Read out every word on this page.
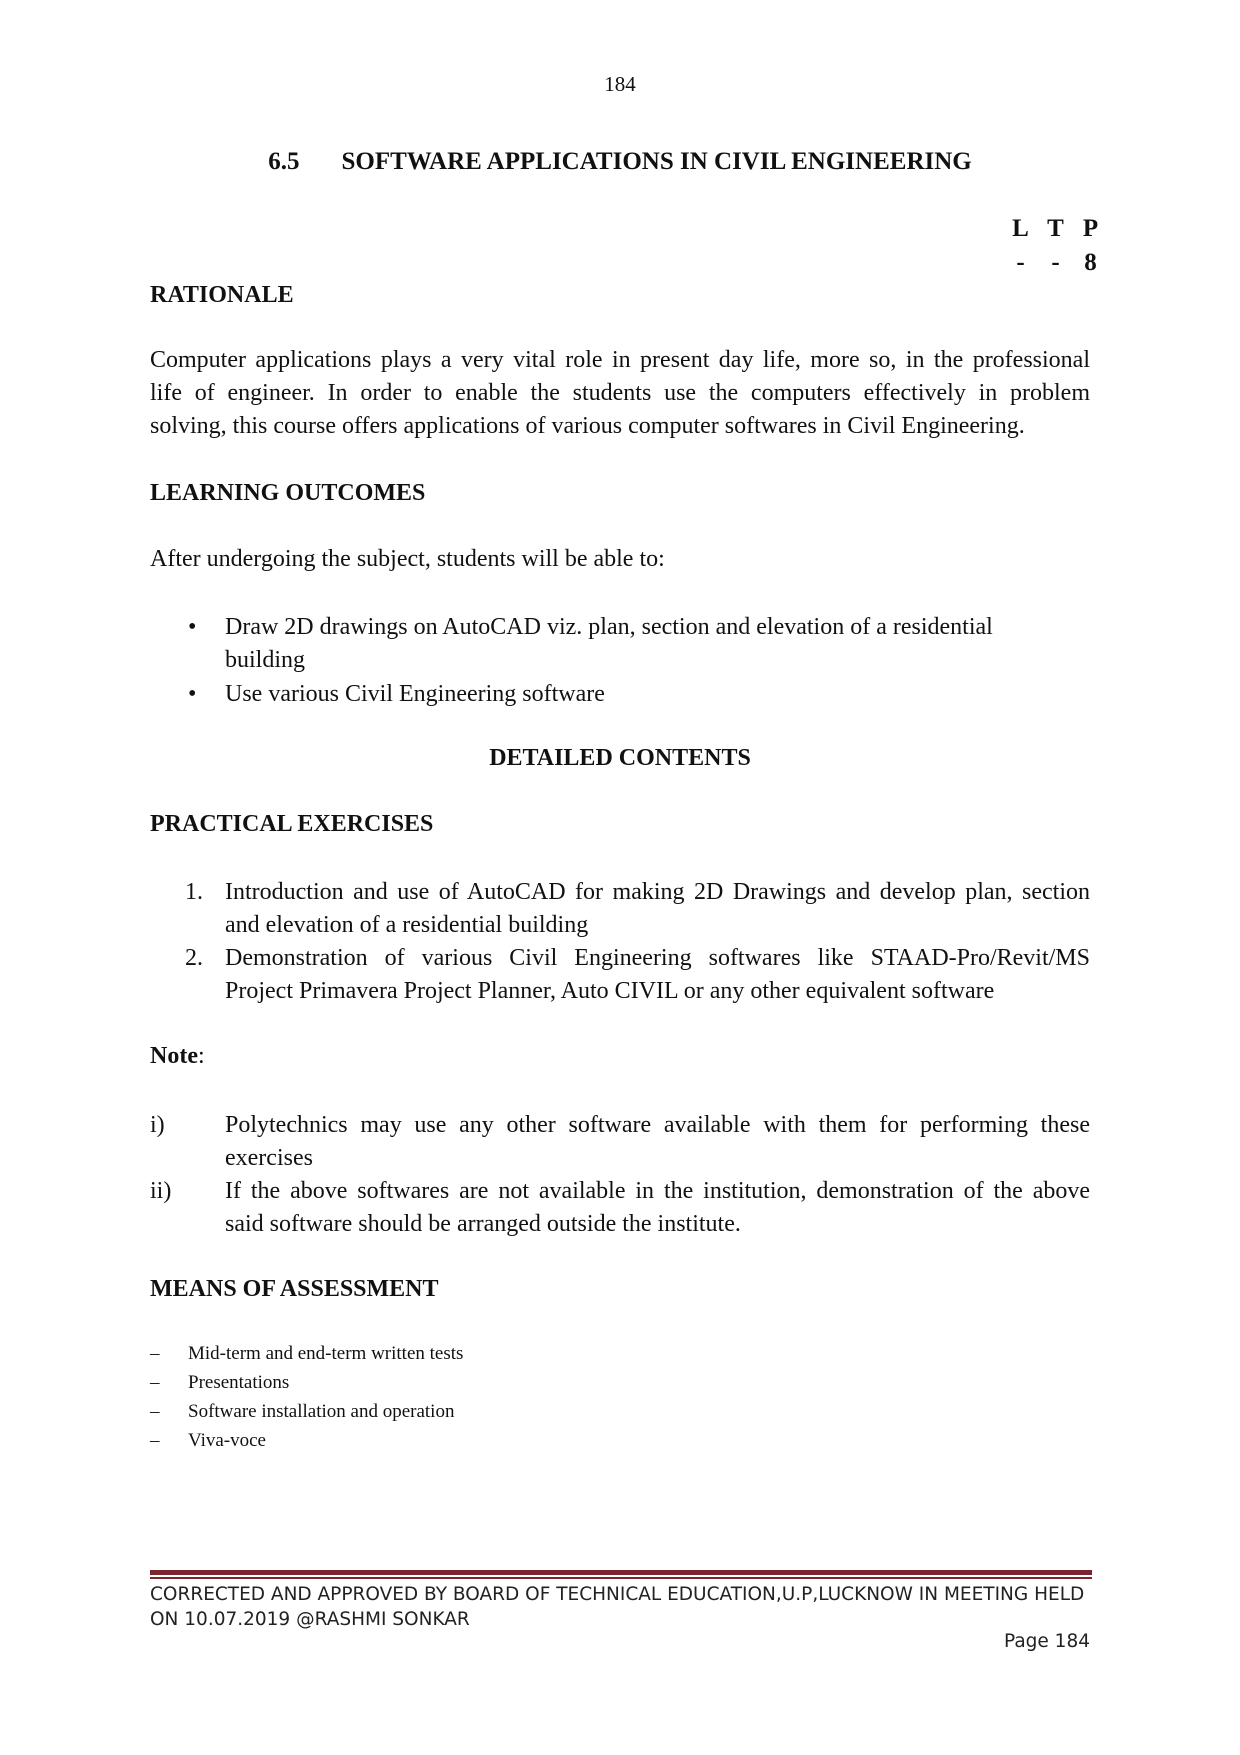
184
6.5 SOFTWARE APPLICATIONS IN CIVIL ENGINEERING
L T P
-	- 8
RATIONALE
Computer applications plays a very vital role in present day life, more so, in the professional
life of engineer. In order to enable the students use the computers effectively in problem
solving, this course offers applications of various computer softwares in Civil Engineering.
LEARNING OUTCOMES
After undergoing the subject, students will be able to:
• Draw 2D drawings on AutoCAD viz. plan, section and elevation of a residential
building
• Use various Civil Engineering software
DETAILED CONTENTS
PRACTICAL EXERCISES
1. Introduction and use of AutoCAD for making 2D Drawings and develop plan, section
and elevation of a residential building
2. Demonstration of various Civil Engineering softwares like STAAD-Pro/Revit/MS
Project Primavera Project Planner, Auto CIVIL or any other equivalent software
Note:
i)	Polytechnics may use any other software available with them for performing these
exercises
ii) If the above softwares are not available in the institution, demonstration of the above
said software should be arranged outside the institute.
MEANS OF ASSESSMENT
– Mid-term and end-term written tests
– Presentations
– Software installation and operation
– Viva-voce
CORRECTED AND APPROVED BY BOARD OF TECHNICAL EDUCATION,U.P,LUCKNOW IN MEETING HELD
ON 10.07.2019 @RASHMI SONKAR
Page 184
